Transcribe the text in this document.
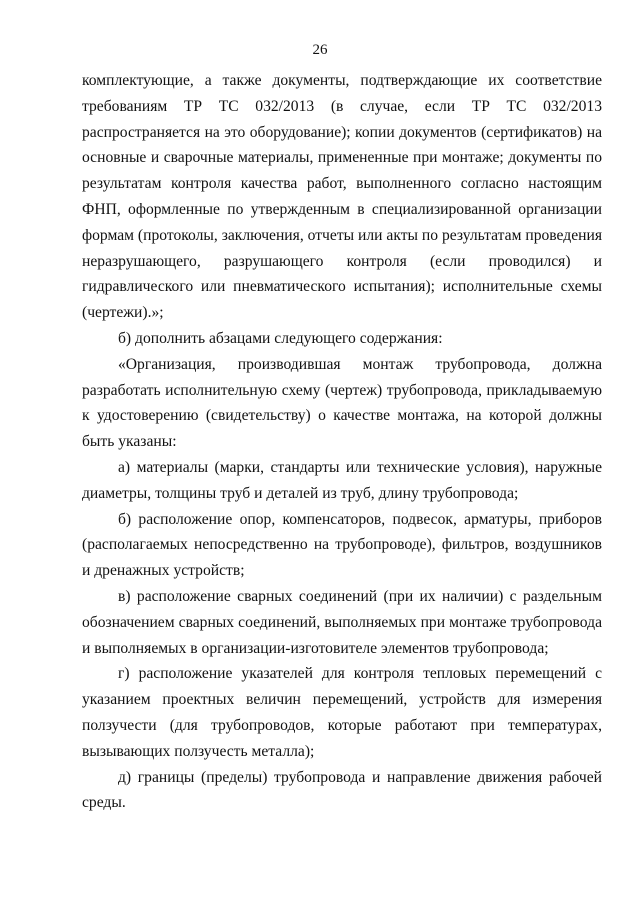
26

комплектующие, а также документы, подтверждающие их соответствие требованиям ТР ТС 032/2013 (в случае, если ТР ТС 032/2013 распространяется на это оборудование); копии документов (сертификатов) на основные и сварочные материалы, примененные при монтаже; документы по результатам контроля качества работ, выполненного согласно настоящим ФНП, оформленные по утвержденным в специализированной организации формам (протоколы, заключения, отчеты или акты по результатам проведения неразрушающего, разрушающего контроля (если проводился) и гидравлического или пневматического испытания); исполнительные схемы (чертежи).»;

б) дополнить абзацами следующего содержания:

«Организация, производившая монтаж трубопровода, должна разработать исполнительную схему (чертеж) трубопровода, прикладываемую к удостоверению (свидетельству) о качестве монтажа, на которой должны быть указаны:

а) материалы (марки, стандарты или технические условия), наружные диаметры, толщины труб и деталей из труб, длину трубопровода;

б) расположение опор, компенсаторов, подвесок, арматуры, приборов (располагаемых непосредственно на трубопроводе), фильтров, воздушников и дренажных устройств;

в) расположение сварных соединений (при их наличии) с раздельным обозначением сварных соединений, выполняемых при монтаже трубопровода и выполняемых в организации-изготовителе элементов трубопровода;

г) расположение указателей для контроля тепловых перемещений с указанием проектных величин перемещений, устройств для измерения ползучести (для трубопроводов, которые работают при температурах, вызывающих ползучесть металла);

д) границы (пределы) трубопровода и направление движения рабочей среды.
